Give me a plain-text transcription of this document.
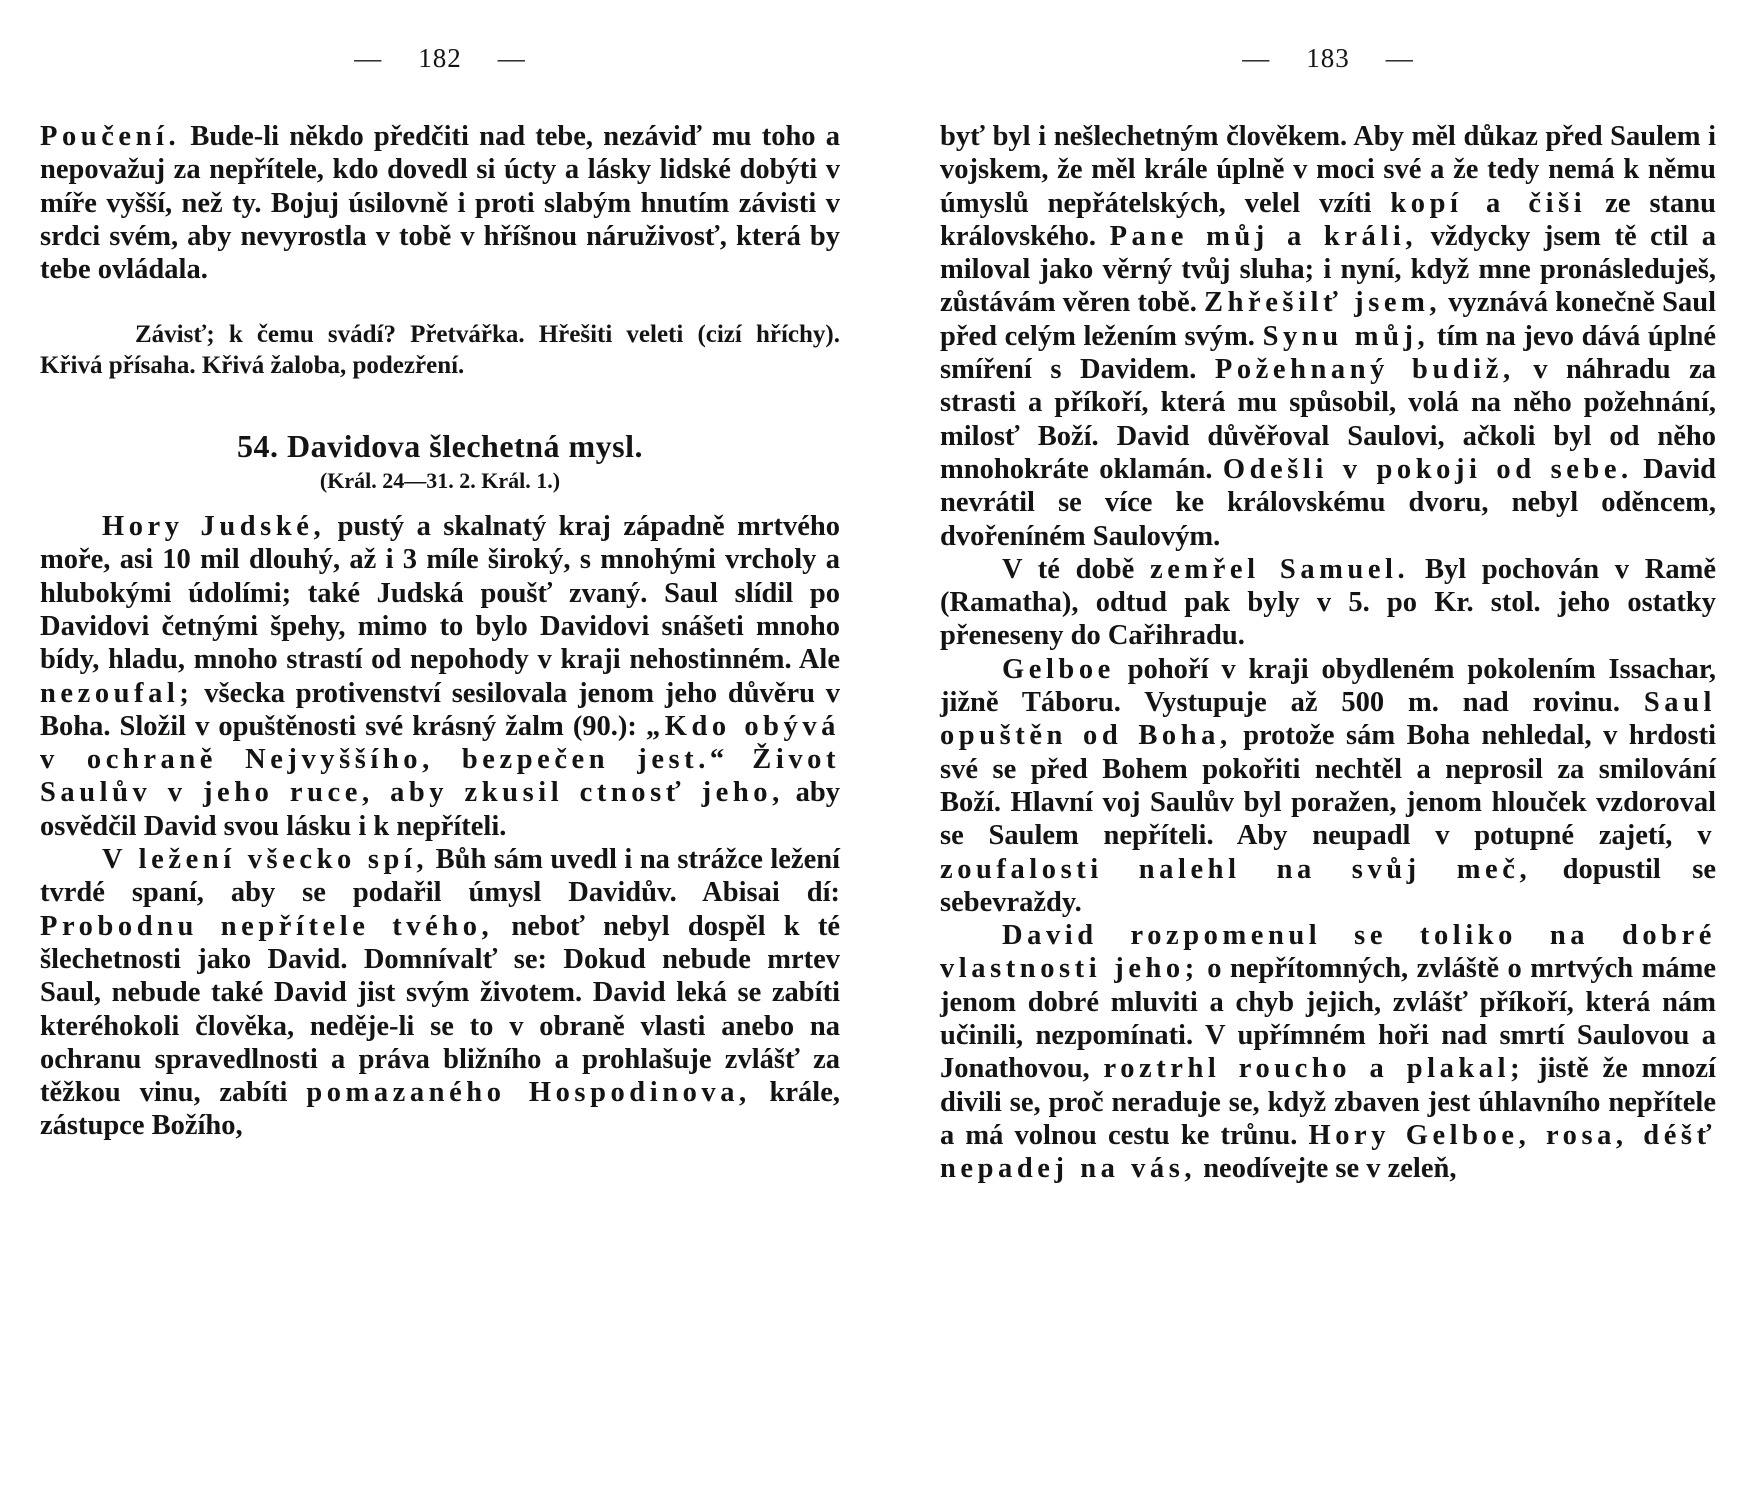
— 182 —

Poučení. Bude-li někdo předčiti nad tebe, nezáviď mu toho a nepovažuj za nepřítele, kdo dovedl si úcty a lásky lidské dobýti v míře vyšší, než ty. Bojuj úsilovně i proti slabým hnutím závisti v srdci svém, aby nevyrostla v tobě v hříšnou náruživosť, která by tebe ovládala.

Závisť; k čemu svádí? Přetvářka. Hřešiti veleti (cizí hříchy). Křivá přísaha. Křivá žaloba, podezření.
54. Davidova šlechetná mysl.
(Král. 24—31. 2. Král. 1.)

Hory Judské, pustý a skalnatý kraj západně mrtvého moře, asi 10 mil dlouhý, až i 3 míle široký, s mnohými vrcholy a hlubokými údolími; také Judská poušť zvaný. Saul slídil po Davidovi četnými špehy, mimo to bylo Davidovi snášeti mnoho bídy, hladu, mnoho strastí od nepohody v kraji nehostinném. Ale nezoufal; všecka protivenství sesilovala jenom jeho důvěru v Boha. Složil v opuštěnosti své krásný žalm (90.): „Kdo obývá v ochraně Nejvyššího, bezpečen jest.“ Život Saulův v jeho ruce, aby zkusil ctnosť jeho, aby osvědčil David svou lásku i k nepříteli.

V ležení všecko spí, Bůh sám uvedl i na strážce ležení tvrdé spaní, aby se podařil úmysl Davidův. Abisai dí: Probodnu nepřítele tvého, neboť nebyl dospěl k té šlechetnosti jako David. Domnívalť se: Dokud nebude mrtev Saul, nebude také David jist svým životem. David leká se zabíti kteréhokoli člověka, neděje-li se to v obraně vlasti anebo na ochranu spravedlnosti a práva bližního a prohlašuje zvlášť za těžkou vinu, zabíti pomazaného Hospodinova, krále, zástupce Božího,

— 183 —

byť byl i nešlechetným člověkem. Aby měl důkaz před Saulem i vojskem, že měl krále úplně v moci své a že tedy nemá k němu úmyslů nepřátelských, velel vzíti kopí a čiši ze stanu královského. Pane můj a králi, vždycky jsem tě ctil a miloval jako věrný tvůj sluha; i nyní, když mne pronásleduješ, zůstávám věren tobě. Zhřešilť jsem, vyznává konečně Saul před celým ležením svým. Synu můj, tím na jevo dává úplné smíření s Davidem. Požehnaný budiž, v náhradu za strasti a příkoří, která mu spůsobil, volá na něho požehnání, milosť Boží. David důvěřoval Saulovi, ačkoli byl od něho mnohokráte oklamán. Odešli v pokoji od sebe. David nevrátil se více ke královskému dvoru, nebyl oděncem, dvořeníném Saulovým.

V té době zemřel Samuel. Byl pochován v Ramě (Ramatha), odtud pak byly v 5. po Kr. stol. jeho ostatky přeneseny do Cařihradu.

Gelboe pohoří v kraji obydleném pokolením Issachar, jižně Táboru. Vystupuje až 500 m. nad rovinu. Saul opuštěn od Boha, protože sám Boha nehledal, v hrdosti své se před Bohem pokořiti nechtěl a neprosil za smilování Boží. Hlavní voj Saulův byl poražen, jenom hlouček vzdoroval se Saulem nepříteli. Aby neupadl v potupné zajetí, v zoufalosti nalehl na svůj meč, dopustil se sebevraždy.

David rozpomenul se toliko na dobré vlastnosti jeho; o nepřítomných, zvláště o mrtvých máme jenom dobré mluviti a chyb jejich, zvlášť příkoří, která nám učinili, nezpomínati. V upřímném hoři nad smrtí Saulovou a Jonathovou, roztrhl roucho a plakal; jistě že mnozí divili se, proč neraduje se, když zbaven jest úhlavního nepřítele a má volnou cestu ke trůnu. Hory Gelboe, rosa, déšť nepadej na vás, neodívejte se v zeleň,
